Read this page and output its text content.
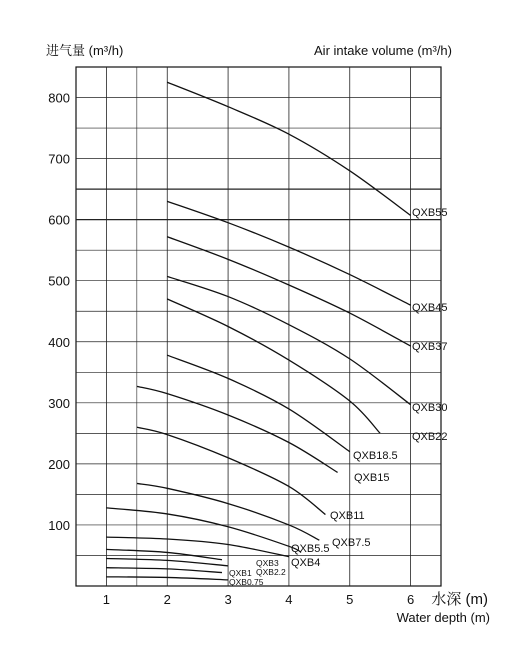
100
200
300
400
500
600
700
800
1	2	3	4	5	6
QXB55
QXB45
QXB37
QXB30
QXB22
QXB18.5
QXB15
QXB11
QXB7.5
QXB5.5
QXB4
QXB3
QXB2.2
QXB1
QXB0.75
进气量 (m³/h)	Air intake volume (m³/h)
水深 (m)
Water depth (m)
